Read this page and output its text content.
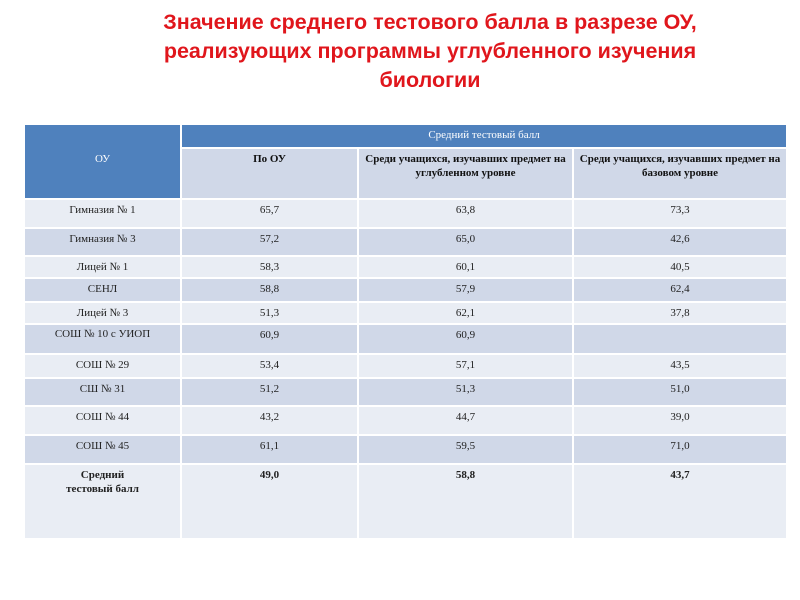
Значение среднего тестового балла в разрезе ОУ,
реализующих программы углубленного изучения
биологии
ОУ	Средний тестовый балл		
	По ОУ	Среди учащихся, изучавших предмет на углубленном уровне	Среди учащихся, изучавших предмет на базовом уровне
Гимназия № 1	65,7	63,8	73,3
Гимназия № 3	57,2	65,0	42,6
Лицей № 1	58,3	60,1	40,5
СЕНЛ	58,8	57,9	62,4
Лицей № 3	51,3	62,1	37,8
СОШ № 10 с УИОП	60,9	60,9	
СОШ № 29	53,4	57,1	43,5
СШ № 31	51,2	51,3	51,0
СОШ № 44	43,2	44,7	39,0
СОШ № 45	61,1	59,5	71,0
Средний тестовый балл	49,0	58,8	43,7
